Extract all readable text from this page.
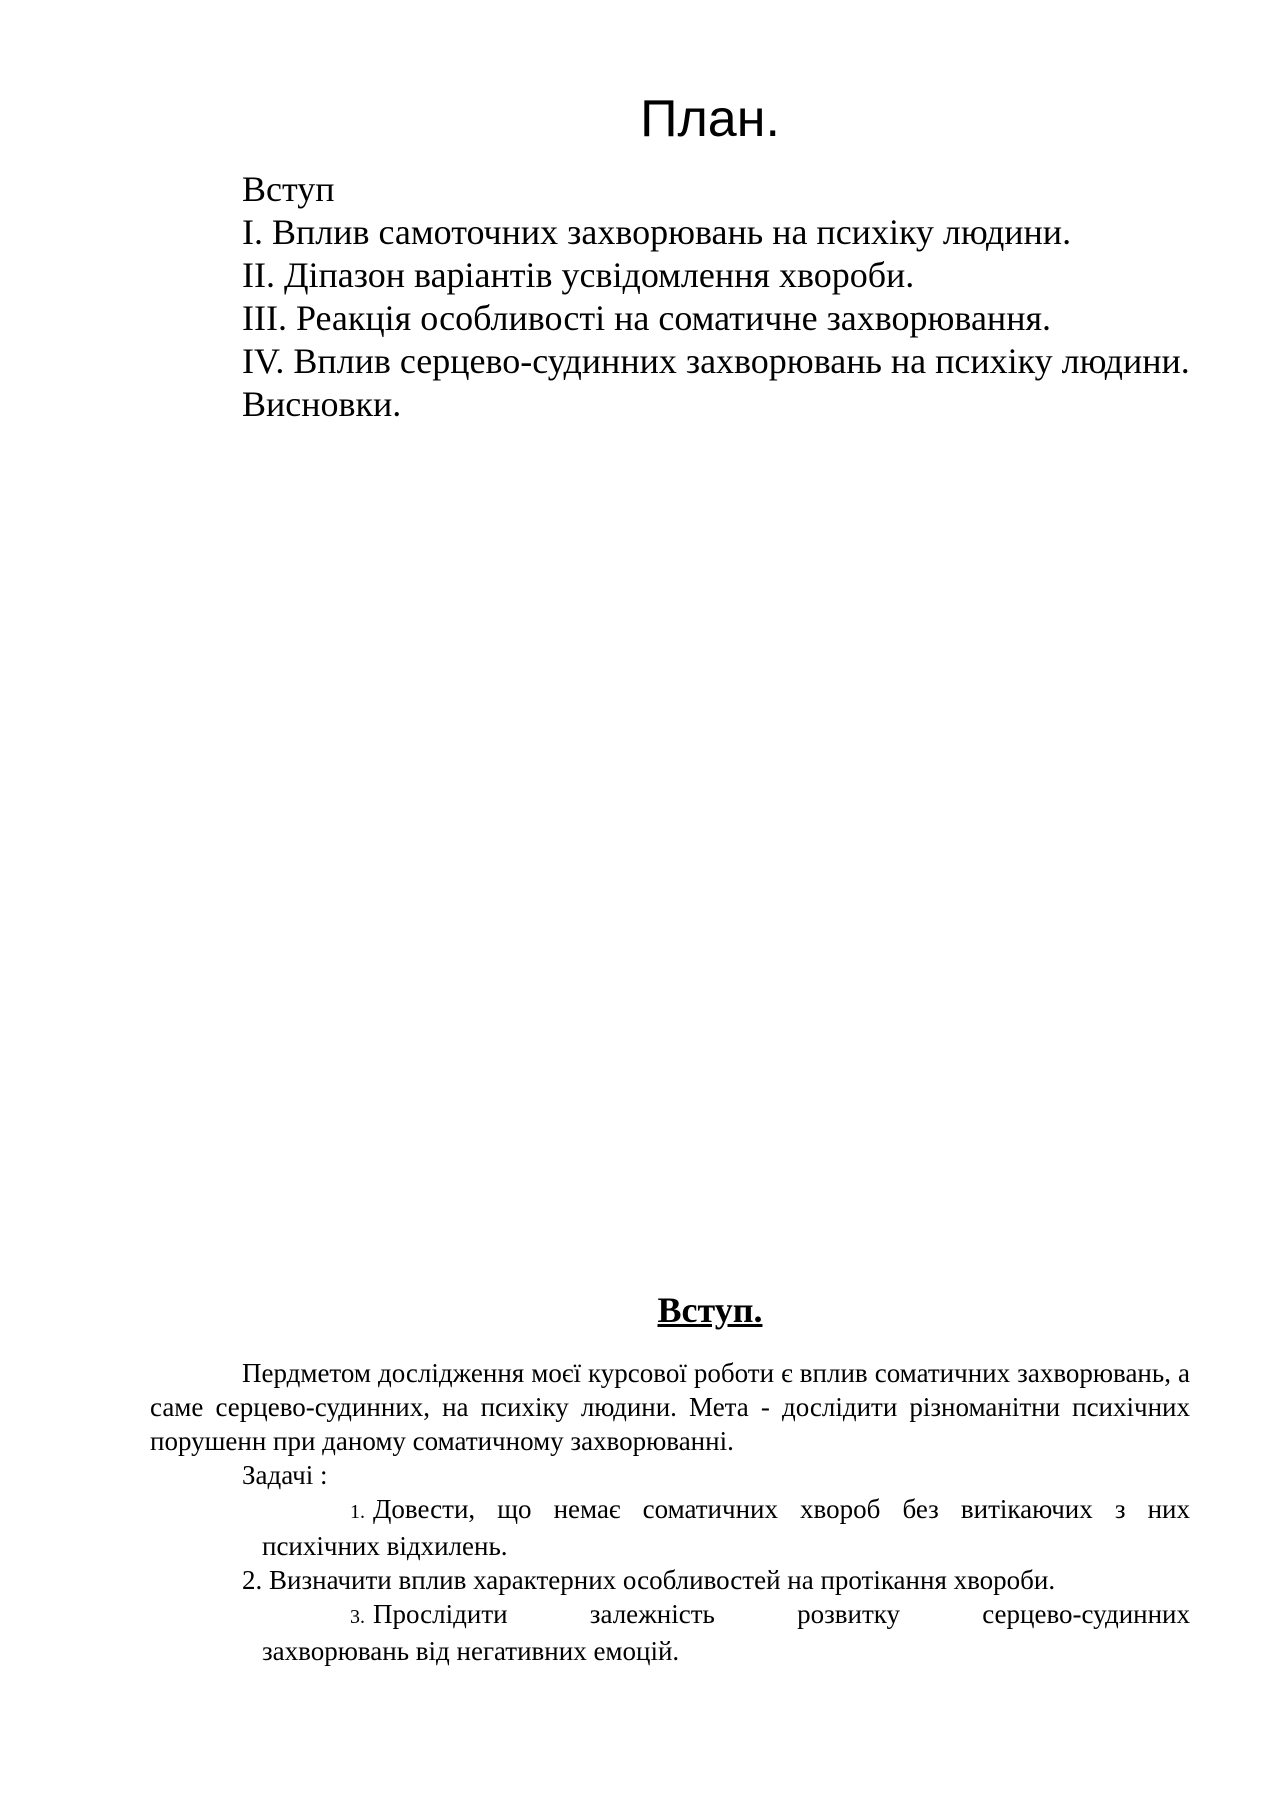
План.

Вступ

I. Вплив самоточних захворювань на психіку людини.

II. Діпазон варіантів усвідомлення хвороби.

III. Реакція особливості на соматичне захворювання.

IV. Вплив серцево-судинних захворювань на психіку людини.

Висновки.

Вступ.

Пердметом дослідження моєї курсової роботи є вплив соматичних захворювань, а саме серцево-судинних, на психіку людини. Мета - дослідити різноманітни психічних порушенн при даному соматичному захворюванні.

Задачі :

1. Довести, що немає соматичних хвороб без витікаючих з них
психічних відхилень.

2. Визначити вплив характерних особливостей на протікання хвороби.

3. Прослідити залежність розвитку серцево-судинних
захворювань від негативних емоцій.
